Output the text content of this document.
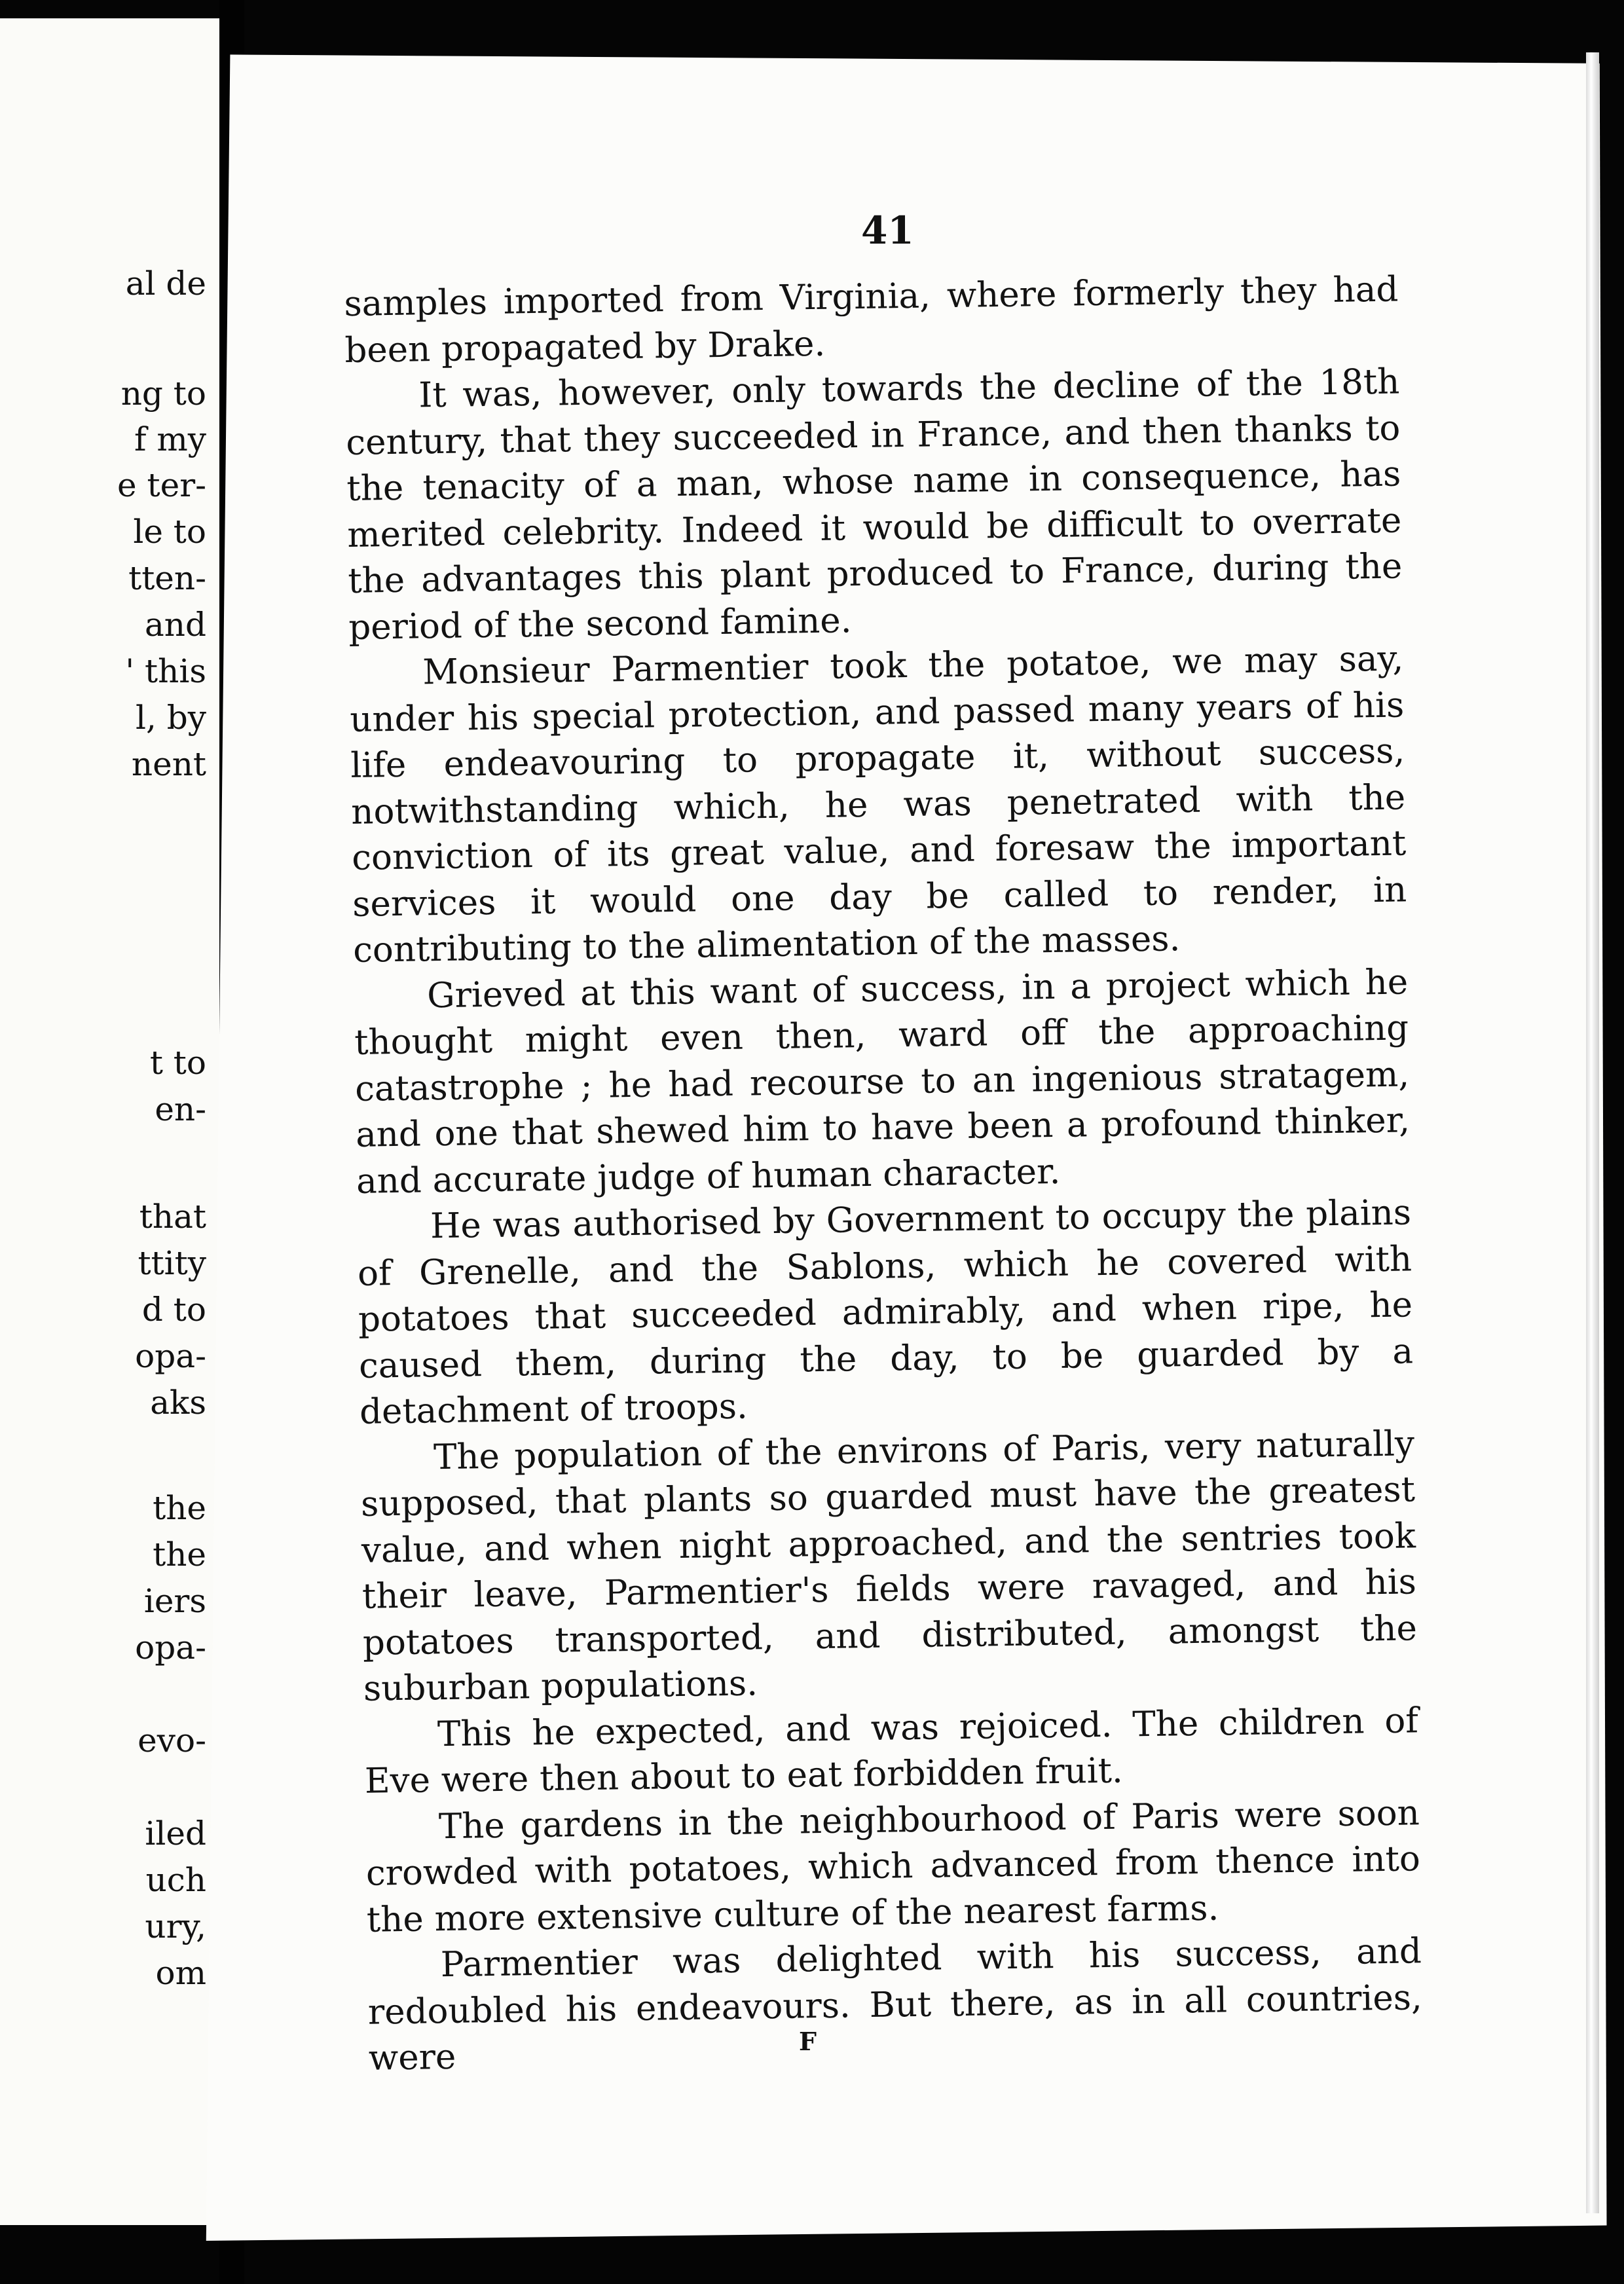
al de
ng to
f my
e ter-
le to
tten-
and
' this
l, by
nent
t to
en-
that
ttity
d to
opa-
aks
the
the
iers
opa-
evo-
iled
uch
ury,
om
41

samples imported from Virginia, where formerly they had been propagated by Drake.

It was, however, only towards the decline of the 18th century, that they succeeded in France, and then thanks to the tenacity of a man, whose name in consequence, has merited celebrity. Indeed it would be difficult to overrate the advantages this plant produced to France, during the period of the second famine.

Monsieur Parmentier took the potatoe, we may say, under his special protection, and passed many years of his life endeavouring to propagate it, without success, notwithstanding which, he was penetrated with the conviction of its great value, and foresaw the important services it would one day be called to render, in contributing to the alimentation of the masses.

Grieved at this want of success, in a project which he thought might even then, ward off the approaching catastrophe ; he had recourse to an ingenious stratagem, and one that shewed him to have been a profound thinker, and accurate judge of human character.

He was authorised by Government to occupy the plains of Grenelle, and the Sablons, which he covered with potatoes that succeeded admirably, and when ripe, he caused them, during the day, to be guarded by a detachment of troops.

The population of the environs of Paris, very naturally supposed, that plants so guarded must have the greatest value, and when night approached, and the sentries took their leave, Parmentier's fields were ravaged, and his potatoes transported, and distributed, amongst the suburban populations.

This he expected, and was rejoiced. The children of Eve were then about to eat forbidden fruit.

The gardens in the neighbourhood of Paris were soon crowded with potatoes, which advanced from thence into the more extensive culture of the nearest farms.

Parmentier was delighted with his success, and redoubled his endeavours. But there, as in all countries, were	F
